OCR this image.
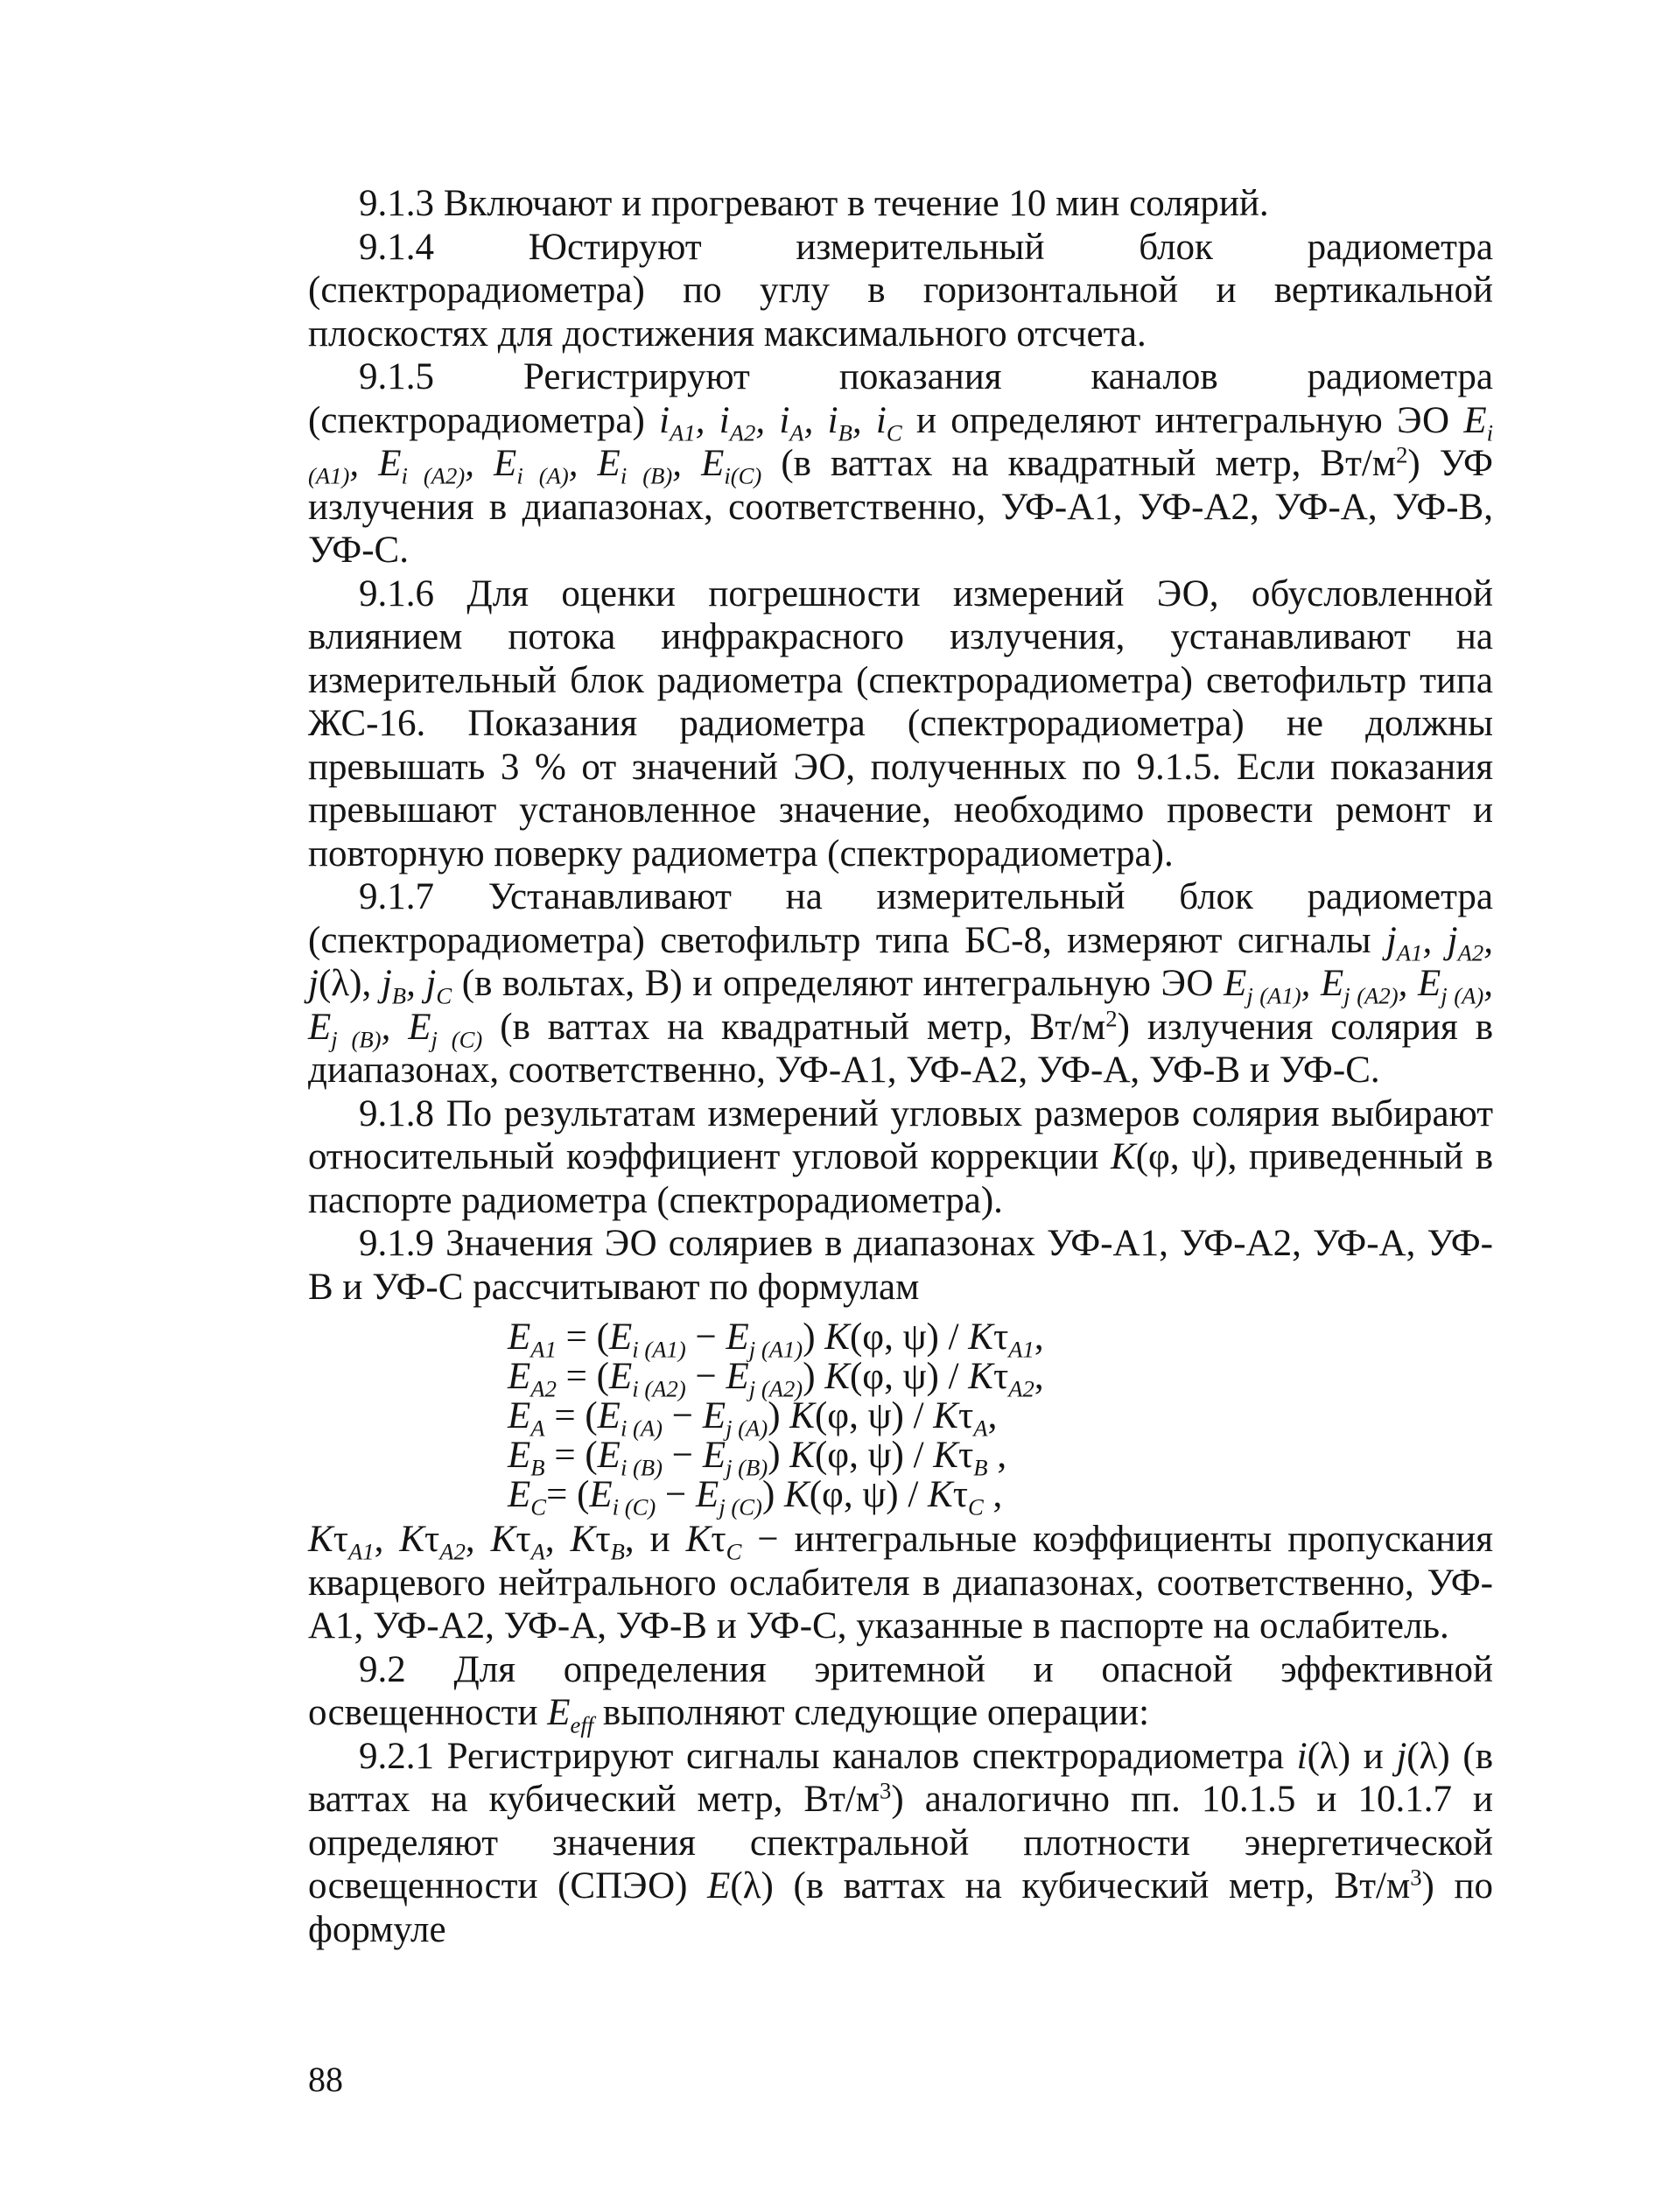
9.1.3 Включают и прогревают в течение 10 мин солярий.

9.1.4 Юстируют измерительный блок радиометра (спектрорадиометра) по углу в горизонтальной и вертикальной плоскостях для достижения максимального отсчета.

9.1.5 Регистрируют показания каналов радиометра (спектрорадиометра) $i_{A1}$, $i_{A2}$, $i_A$, $i_B$, $i_C$ и определяют интегральную ЭО $E_{i (A1)}$, $E_{i (A2)}$, $E_{i (A)}$, $E_{i (B)}$, $E_{i(C)}$ (в ваттах на квадратный метр, $Вт/м^2$) УФ излучения в диапазонах, соответственно, УФ-А1, УФ-А2, УФ-А, УФ-В, УФ-С.

9.1.6 Для оценки погрешности измерений ЭО, обусловленной влиянием потока инфракрасного излучения, устанавливают на измерительный блок радиометра (спектрорадиометра) светофильтр типа ЖС-16. Показания радиометра (спектрорадиометра) не должны превышать 3 % от значений ЭО, полученных по 9.1.5. Если показания превышают установленное значение, необходимо провести ремонт и повторную поверку радиометра (спектрорадиометра).

9.1.7 Устанавливают на измерительный блок радиометра (спектрорадиометра) светофильтр типа БС-8, измеряют сигналы $j_{A1}$, $j_{A2}$, j(λ), $j_B$, $j_C$ (в вольтах, В) и определяют интегральную ЭО $E_{j (A1)}$, $E_{j (A2)}$, $E_{j (A)}$, $E_{j (B)}$, $E_{j (C)}$ (в ваттах на квадратный метр, $Вт/м^2$) излучения солярия в диапазонах, соответственно, УФ-А1, УФ-А2, УФ-А, УФ-В и УФ-С.

9.1.8 По результатам измерений угловых размеров солярия выбирают относительный коэффициент угловой коррекции K(φ, ψ), приведенный в паспорте радиометра (спектрорадиометра).

9.1.9 Значения ЭО соляриев в диапазонах УФ-А1, УФ-А2, УФ-А, УФ-В и УФ-С рассчитывают по формулам

$E_{A1} = (E_{i (A1)} - E_{j (A1)})$ K(φ, $\psi) / K\tau_{A1}$,
$E_{A2} = (E_{i (A2)} - E_{j (A2)})$ K(φ, $\psi) / K\tau_{A2}$,
$E_A = (E_{i (A)} - E_{j (A)})$ K(φ, $\psi) / K\tau_A$,
$E_B = (E_{i (B)} - E_{j (B)})$ K(φ, $\psi) / K\tau_B$ ,
$E_C= (E_{i (C)} - E_{j (C)})$ K(φ, $\psi) / K\tau_C$ ,

$K\tau_{A1}$, $K\tau_{A2}$, $K\tau_A$, $K\tau_B$, и $K\tau_C$ − интегральные коэффициенты пропускания кварцевого нейтрального ослабителя в диапазонах, соответственно, УФ-А1, УФ-А2, УФ-А, УФ-В и УФ-С, указанные в паспорте на ослабитель.

9.2 Для определения эритемной и опасной эффективной освещенности $E_{eff}$ выполняют следующие операции:

9.2.1 Регистрируют сигналы каналов спектрорадиометра i(λ) и j(λ) (в ваттах на кубический метр, $Вт/м^3$) аналогично пп. 10.1.5 и 10.1.7 и определяют значения спектральной плотности энергетической освещенности (СПЭО) E(λ) (в ваттах на кубический метр, $Вт/м^3$) по формуле

88
